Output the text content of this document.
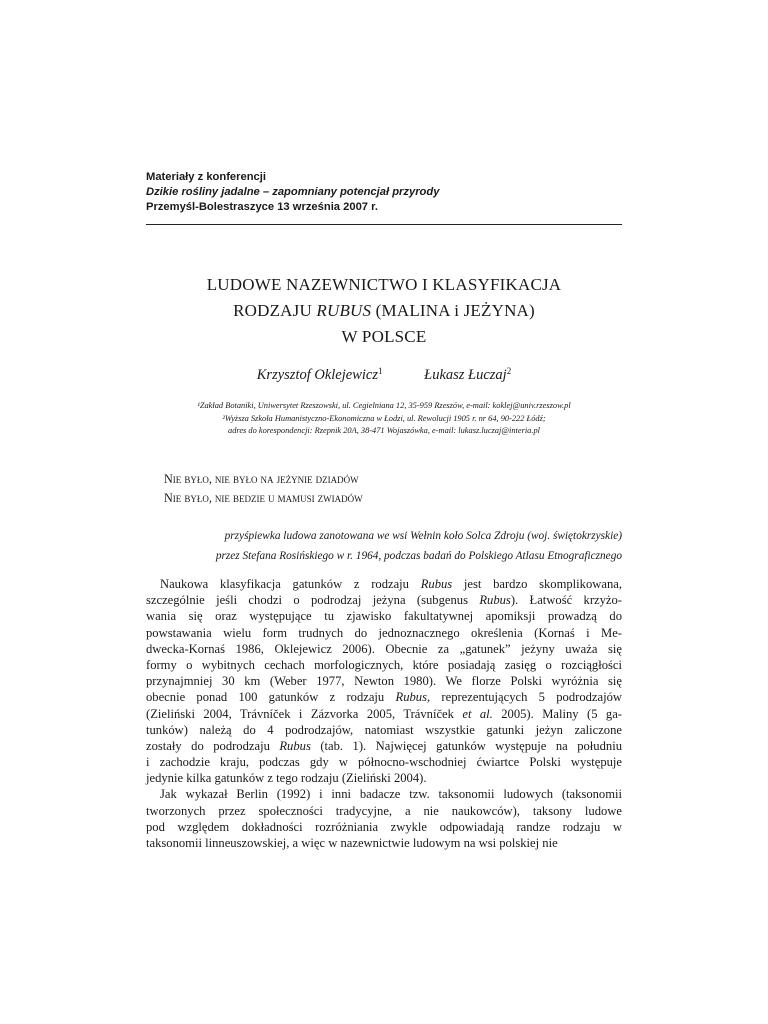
Materiały z konferencji
Dzikie rośliny jadalne – zapomniany potencjał przyrody
Przemyśl-Bolestraszyce 13 września 2007 r.
LUDOWE NAZEWNICTWO I KLASYFIKACJA
RODZAJU RUBUS (MALINA i JEŻYNA)
W POLSCE
Krzysztof Oklejewicz$^1$	Łukasz Łuczaj$^2$
¹Zakład Botaniki, Uniwersytet Rzeszowski, ul. Cegielniana 12, 35-959 Rzeszów, e-mail: koklej@univ.rzeszow.pl
²Wyższa Szkoła Humanistyczno-Ekonomiczna w Łodzi, ul. Rewolucji 1905 r. nr 64, 90-222 Łódź;
adres do korespondencji: Rzepnik 20A, 38-471 Wojaszówka, e-mail: lukasz.luczaj@interia.pl
Nie było, nie było na jeżynie dziadów
Nie było, nie bedzie u mamusi zwiadów
przyśpiewka ludowa zanotowana we wsi Wełnin koło Solca Zdroju (woj. świętokrzyskie)
przez Stefana Rosińskiego w r. 1964, podczas badań do Polskiego Atlasu Etnograficznego
Naukowa klasyfikacja gatunków z rodzaju Rubus jest bardzo skomplikowana,
szczególnie jeśli chodzi o podrodzaj jeżyna (subgenus Rubus). Łatwość krzyżo-
wania się oraz występujące tu zjawisko fakultatywnej apomiksji prowadzą do
powstawania wielu form trudnych do jednoznacznego określenia (Kornaś i Me-
dwecka-Kornaś 1986, Oklejewicz 2006). Obecnie za „gatunek” jeżyny uważa się
formy o wybitnych cechach morfologicznych, które posiadają zasięg o rozciągłości
przynajmniej 30 km (Weber 1977, Newton 1980). We florze Polski wyróżnia się
obecnie ponad 100 gatunków z rodzaju Rubus, reprezentujących 5 podrodzajów
(Zieliński 2004, Trávníček i Zázvorka 2005, Trávníček et al. 2005). Maliny (5 ga-
tunków) należą do 4 podrodzajów, natomiast wszystkie gatunki jeżyn zaliczone
zostały do podrodzaju Rubus (tab. 1). Najwięcej gatunków występuje na południu
i zachodzie kraju, podczas gdy w północno-wschodniej ćwiartce Polski występuje
jedynie kilka gatunków z tego rodzaju (Zieliński 2004).
Jak wykazał Berlin (1992) i inni badacze tzw. taksonomii ludowych (taksonomii
tworzonych przez społeczności tradycyjne, a nie naukowców), taksony ludowe
pod względem dokładności rozróżniania zwykle odpowiadają randze rodzaju w
taksonomii linneuszowskiej, a więc w nazewnictwie ludowym na wsi polskiej nie
